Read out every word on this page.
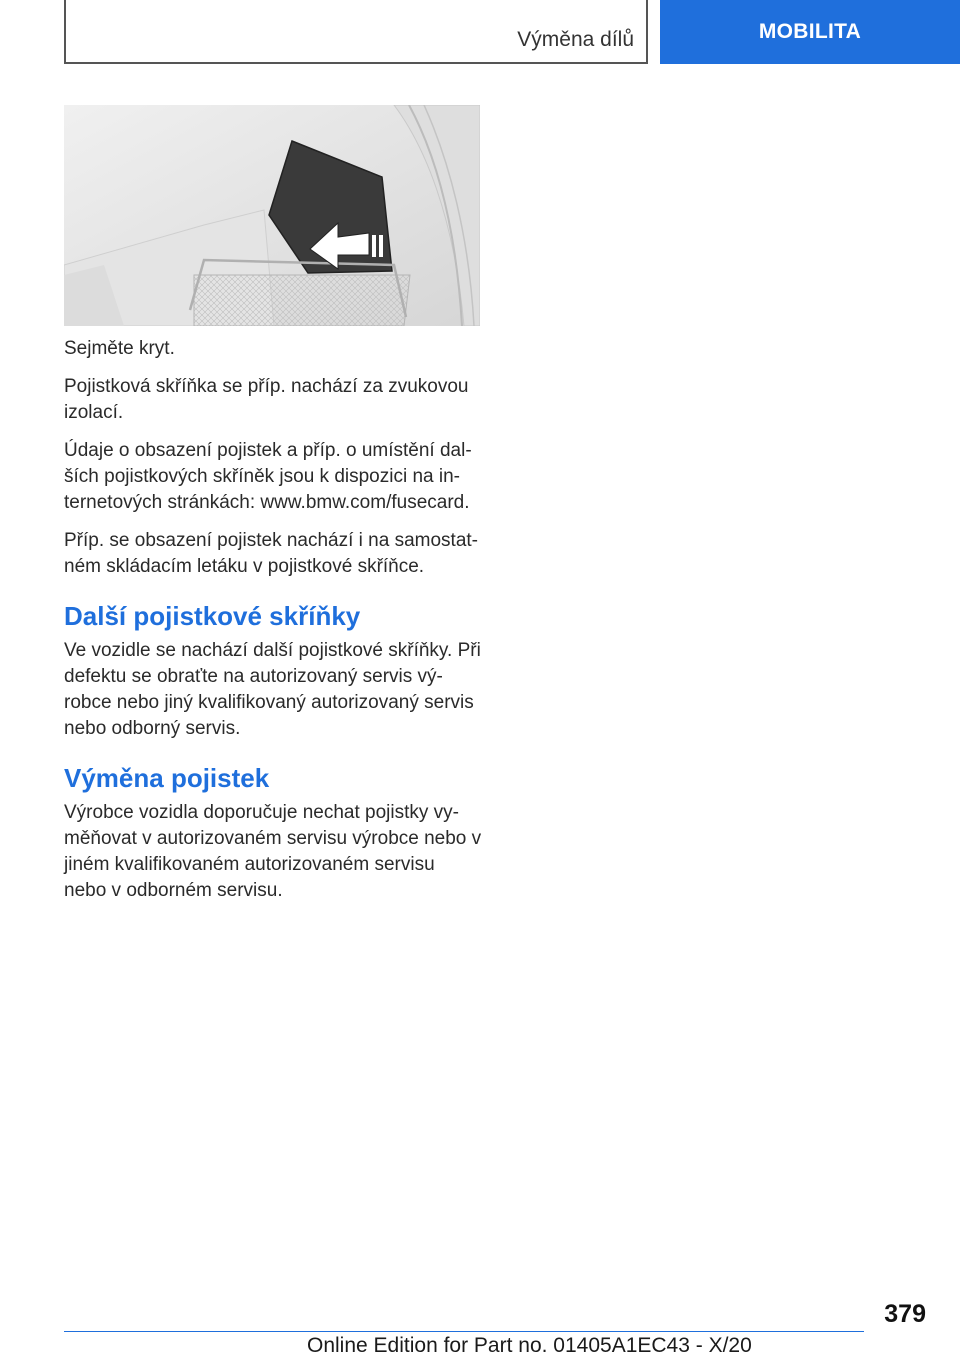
Výměna dílů	MOBILITA

Sejměte kryt.

Pojistková skříňka se příp. nachází za zvukovou izolací.

Údaje o obsazení pojistek a příp. o umístění dalších pojistkových skříněk jsou k dispozici na internetových stránkách: www.bmw.com/fusecard.

Příp. se obsazení pojistek nachází i na samostatném skládacím letáku v pojistkové skříňce.

Další pojistkové skříňky

Ve vozidle se nachází další pojistkové skříňky. Při defektu se obraťte na autorizovaný servis výrobce nebo jiný kvalifikovaný autorizovaný servis nebo odborný servis.

Výměna pojistek

Výrobce vozidla doporučuje nechat pojistky vyměňovat v autorizovaném servisu výrobce nebo v jiném kvalifikovaném autorizovaném servisu nebo v odborném servisu.

379
Online Edition for Part no. 01405A1EC43 - X/20
